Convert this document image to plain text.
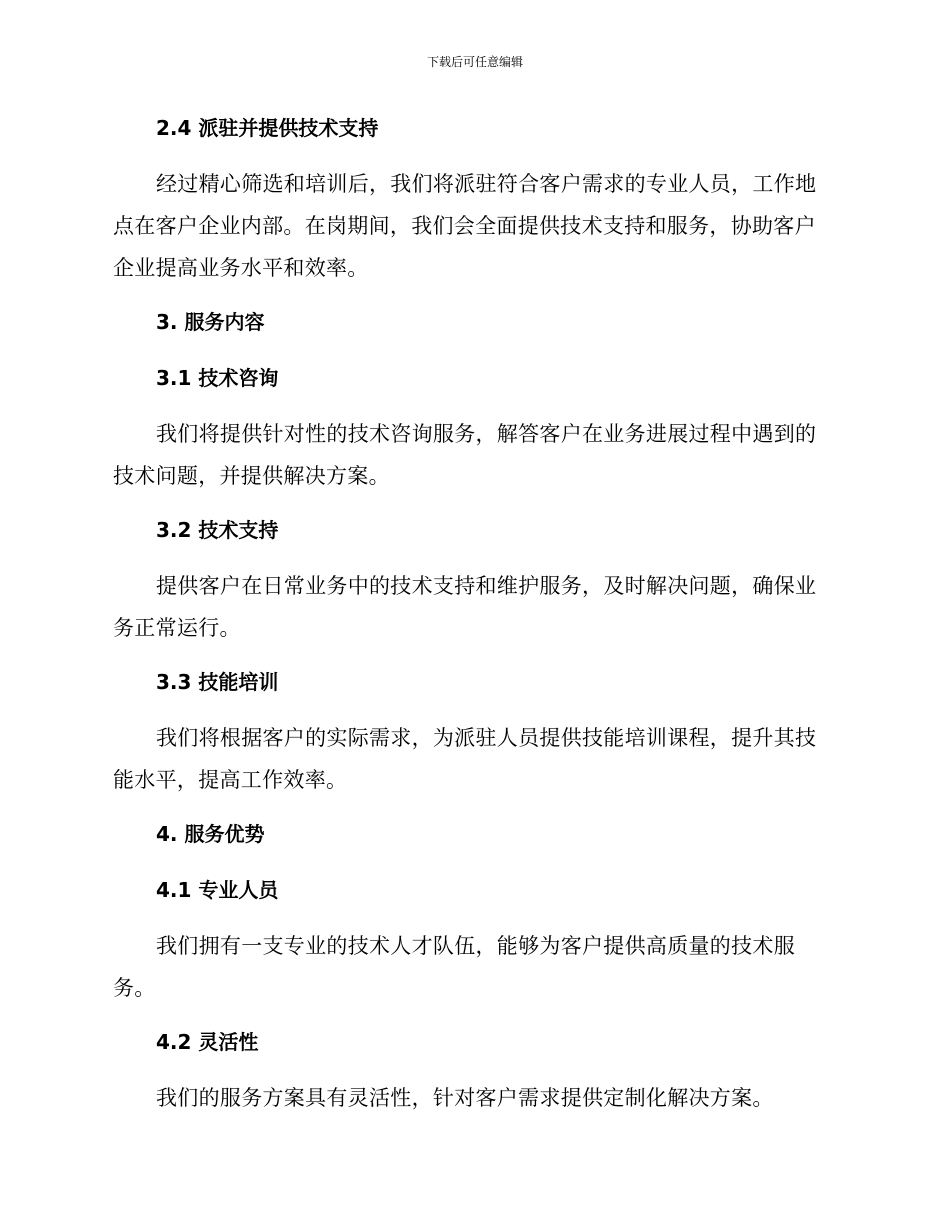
下载后可任意编辑
2.4 派驻并提供技术支持

经过精心筛选和培训后，我们将派驻符合客户需求的专业人员，工作地点在客户企业内部。在岗期间，我们会全面提供技术支持和服务，协助客户企业提高业务水平和效率。

3. 服务内容
3.1 技术咨询

我们将提供针对性的技术咨询服务，解答客户在业务进展过程中遇到的技术问题，并提供解决方案。

3.2 技术支持

提供客户在日常业务中的技术支持和维护服务，及时解决问题，确保业务正常运行。

3.3 技能培训

我们将根据客户的实际需求，为派驻人员提供技能培训课程，提升其技能水平，提高工作效率。

4. 服务优势
4.1 专业人员

我们拥有一支专业的技术人才队伍，能够为客户提供高质量的技术服务。

4.2 灵活性

我们的服务方案具有灵活性，针对客户需求提供定制化解决方案。
